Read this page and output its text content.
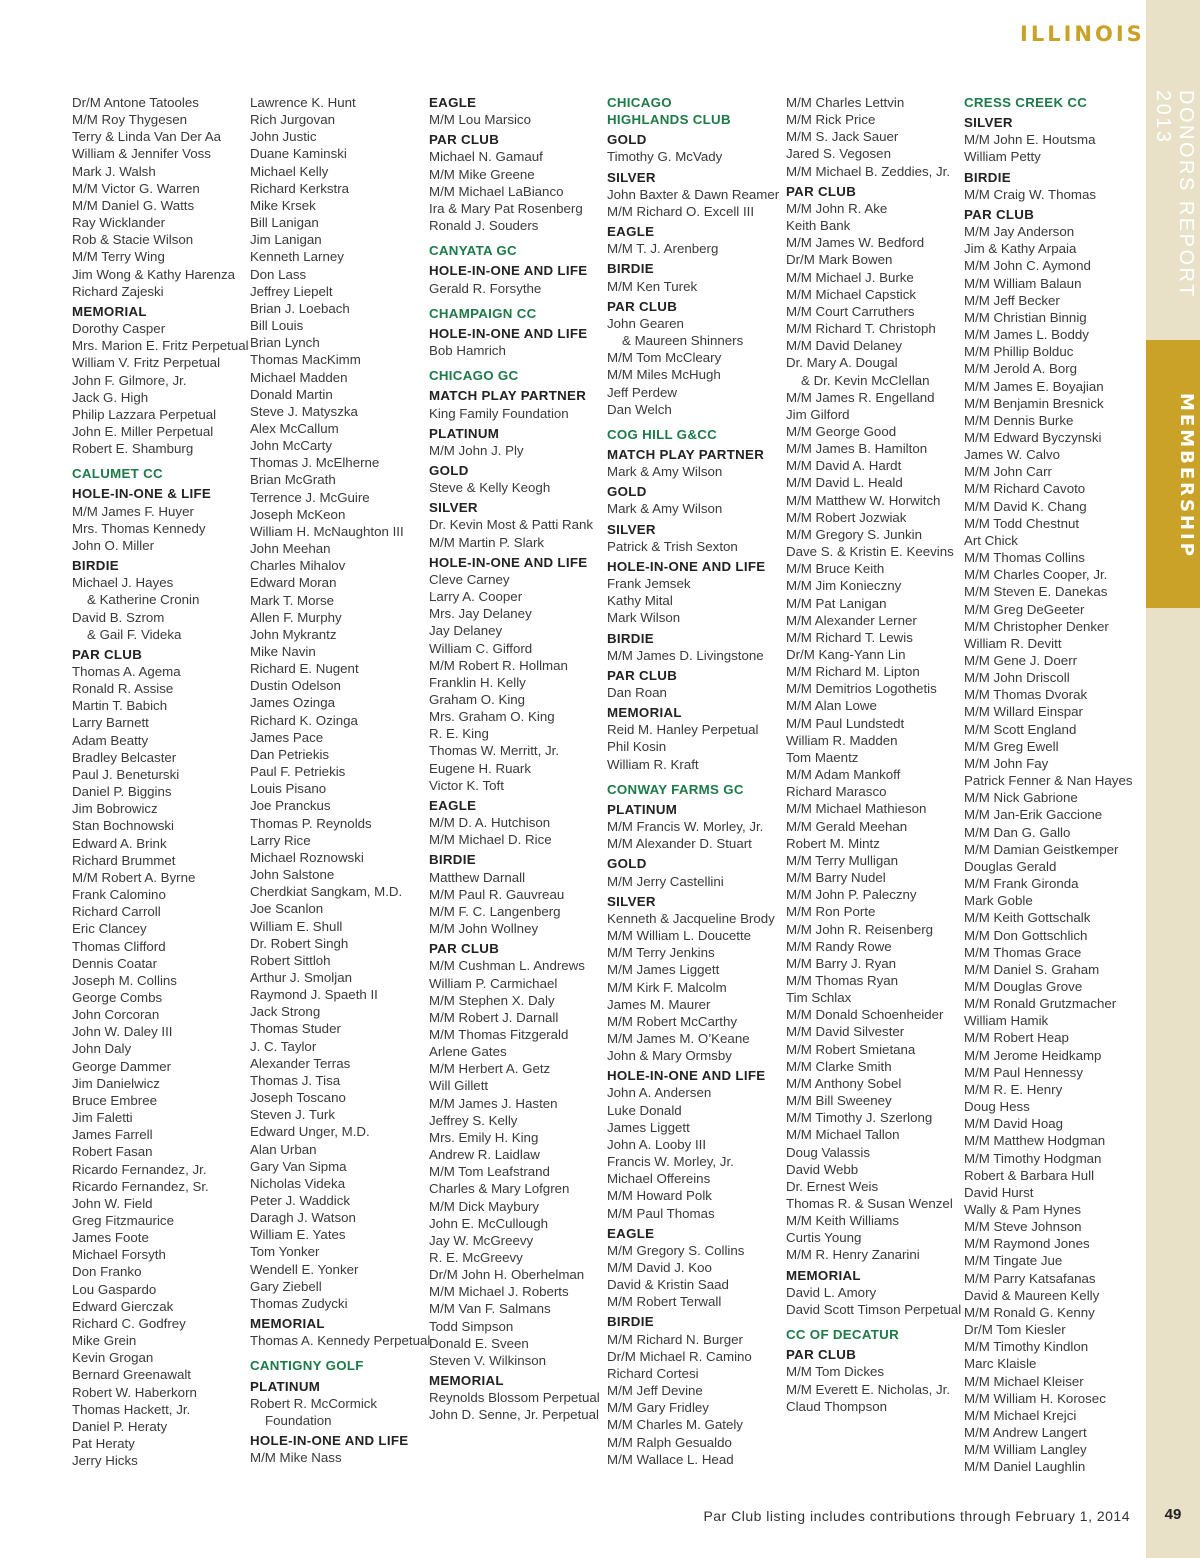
ILLINOIS
DONORS REPORT 2013
MEMBERSHIP
Dr/M Antone Tatooles
M/M Roy Thygesen
Terry & Linda Van Der Aa
William & Jennifer Voss
Mark J. Walsh
M/M Victor G. Warren
M/M Daniel G. Watts
Ray Wicklander
Rob & Stacie Wilson
M/M Terry Wing
Jim Wong & Kathy Harenza
Richard Zajeski
MEMORIAL
Dorothy Casper
Mrs. Marion E. Fritz Perpetual
William V. Fritz Perpetual
John F. Gilmore, Jr.
Jack G. High
Philip Lazzara Perpetual
John E. Miller Perpetual
Robert E. Shamburg
CALUMET CC
HOLE-IN-ONE & LIFE
M/M James F. Huyer
Mrs. Thomas Kennedy
John O. Miller
BIRDIE
Michael J. Hayes
& Katherine Cronin
David B. Szrom
& Gail F. Videka
PAR CLUB
Thomas A. Agema
Ronald R. Assise
Martin T. Babich
Larry Barnett
Adam Beatty
Bradley Belcaster
Paul J. Beneturski
Daniel P. Biggins
Jim Bobrowicz
Stan Bochnowski
Edward A. Brink
Richard Brummet
M/M Robert A. Byrne
Frank Calomino
Richard Carroll
Eric Clancey
Thomas Clifford
Dennis Coatar
Joseph M. Collins
George Combs
John Corcoran
John W. Daley III
John Daly
George Dammer
Jim Danielwicz
Bruce Embree
Jim Faletti
James Farrell
Robert Fasan
Ricardo Fernandez, Jr.
Ricardo Fernandez, Sr.
John W. Field
Greg Fitzmaurice
James Foote
Michael Forsyth
Don Franko
Lou Gaspardo
Edward Gierczak
Richard C. Godfrey
Mike Grein
Kevin Grogan
Bernard Greenawalt
Robert W. Haberkorn
Thomas Hackett, Jr.
Daniel P. Heraty
Pat Heraty
Jerry Hicks
Lawrence K. Hunt
Rich Jurgovan
John Justic
Duane Kaminski
Michael Kelly
Richard Kerkstra
Mike Krsek
Bill Lanigan
Jim Lanigan
Kenneth Larney
Don Lass
Jeffrey Liepelt
Brian J. Loebach
Bill Louis
Brian Lynch
Thomas MacKimm
Michael Madden
Donald Martin
Steve J. Matyszka
Alex McCallum
John McCarty
Thomas J. McElherne
Brian McGrath
Terrence J. McGuire
Joseph McKeon
William H. McNaughton III
John Meehan
Charles Mihalov
Edward Moran
Mark T. Morse
Allen F. Murphy
John Mykrantz
Mike Navin
Richard E. Nugent
Dustin Odelson
James Ozinga
Richard K. Ozinga
James Pace
Dan Petriekis
Paul F. Petriekis
Louis Pisano
Joe Pranckus
Thomas P. Reynolds
Larry Rice
Michael Roznowski
John Salstone
Cherdkiat Sangkam, M.D.
Joe Scanlon
William E. Shull
Dr. Robert Singh
Robert Sittloh
Arthur J. Smoljan
Raymond J. Spaeth II
Jack Strong
Thomas Studer
J. C. Taylor
Alexander Terras
Thomas J. Tisa
Joseph Toscano
Steven J. Turk
Edward Unger, M.D.
Alan Urban
Gary Van Sipma
Nicholas Videka
Peter J. Waddick
Daragh J. Watson
William E. Yates
Tom Yonker
Wendell E. Yonker
Gary Ziebell
Thomas Zudycki
MEMORIAL
Thomas A. Kennedy Perpetual
CANTIGNY GOLF
PLATINUM
Robert R. McCormick
Foundation
HOLE-IN-ONE AND LIFE
M/M Mike Nass
EAGLE
M/M Lou Marsico
PAR CLUB
Michael N. Gamauf
M/M Mike Greene
M/M Michael LaBianco
Ira & Mary Pat Rosenberg
Ronald J. Souders
CANYATA GC
HOLE-IN-ONE AND LIFE
Gerald R. Forsythe
CHAMPAIGN CC
HOLE-IN-ONE AND LIFE
Bob Hamrich
CHICAGO GC
MATCH PLAY PARTNER
King Family Foundation
PLATINUM
M/M John J. Ply
GOLD
Steve & Kelly Keogh
SILVER
Dr. Kevin Most & Patti Rank
M/M Martin P. Slark
HOLE-IN-ONE AND LIFE
Cleve Carney
Larry A. Cooper
Mrs. Jay Delaney
Jay Delaney
William C. Gifford
M/M Robert R. Hollman
Franklin H. Kelly
Graham O. King
Mrs. Graham O. King
R. E. King
Thomas W. Merritt, Jr.
Eugene H. Ruark
Victor K. Toft
EAGLE
M/M D. A. Hutchison
M/M Michael D. Rice
BIRDIE
Matthew Darnall
M/M Paul R. Gauvreau
M/M F. C. Langenberg
M/M John Wollney
PAR CLUB
M/M Cushman L. Andrews
William P. Carmichael
M/M Stephen X. Daly
M/M Robert J. Darnall
M/M Thomas Fitzgerald
Arlene Gates
M/M Herbert A. Getz
Will Gillett
M/M James J. Hasten
Jeffrey S. Kelly
Mrs. Emily H. King
Andrew R. Laidlaw
M/M Tom Leafstrand
Charles & Mary Lofgren
M/M Dick Maybury
John E. McCullough
Jay W. McGreevy
R. E. McGreevy
Dr/M John H. Oberhelman
M/M Michael J. Roberts
M/M Van F. Salmans
Todd Simpson
Donald E. Sveen
Steven V. Wilkinson
MEMORIAL
Reynolds Blossom Perpetual
John D. Senne, Jr. Perpetual
CHICAGO
HIGHLANDS CLUB
GOLD
Timothy G. McVady
SILVER
John Baxter & Dawn Reamer
M/M Richard O. Excell III
EAGLE
M/M T. J. Arenberg
BIRDIE
M/M Ken Turek
PAR CLUB
John Gearen
& Maureen Shinners
M/M Tom McCleary
M/M Miles McHugh
Jeff Perdew
Dan Welch
COG HILL G&CC
MATCH PLAY PARTNER
Mark & Amy Wilson
GOLD
Mark & Amy Wilson
SILVER
Patrick & Trish Sexton
HOLE-IN-ONE AND LIFE
Frank Jemsek
Kathy Mital
Mark Wilson
BIRDIE
M/M James D. Livingstone
PAR CLUB
Dan Roan
MEMORIAL
Reid M. Hanley Perpetual
Phil Kosin
William R. Kraft
CONWAY FARMS GC
PLATINUM
M/M Francis W. Morley, Jr.
M/M Alexander D. Stuart
GOLD
M/M Jerry Castellini
SILVER
Kenneth & Jacqueline Brody
M/M William L. Doucette
M/M Terry Jenkins
M/M James Liggett
M/M Kirk F. Malcolm
James M. Maurer
M/M Robert McCarthy
M/M James M. O’Keane
John & Mary Ormsby
HOLE-IN-ONE AND LIFE
John A. Andersen
Luke Donald
James Liggett
John A. Looby III
Francis W. Morley, Jr.
Michael Offereins
M/M Howard Polk
M/M Paul Thomas
EAGLE
M/M Gregory S. Collins
M/M David J. Koo
David & Kristin Saad
M/M Robert Terwall
BIRDIE
M/M Richard N. Burger
Dr/M Michael R. Camino
Richard Cortesi
M/M Jeff Devine
M/M Gary Fridley
M/M Charles M. Gately
M/M Ralph Gesualdo
M/M Wallace L. Head
M/M Charles Lettvin
M/M Rick Price
M/M S. Jack Sauer
Jared S. Vegosen
M/M Michael B. Zeddies, Jr.
PAR CLUB
M/M John R. Ake
Keith Bank
M/M James W. Bedford
Dr/M Mark Bowen
M/M Michael J. Burke
M/M Michael Capstick
M/M Court Carruthers
M/M Richard T. Christoph
M/M David Delaney
Dr. Mary A. Dougal
& Dr. Kevin McClellan
M/M James R. Engelland
Jim Gilford
M/M George Good
M/M James B. Hamilton
M/M David A. Hardt
M/M David L. Heald
M/M Matthew W. Horwitch
M/M Robert Jozwiak
M/M Gregory S. Junkin
Dave S. & Kristin E. Keevins
M/M Bruce Keith
M/M Jim Konieczny
M/M Pat Lanigan
M/M Alexander Lerner
M/M Richard T. Lewis
Dr/M Kang-Yann Lin
M/M Richard M. Lipton
M/M Demitrios Logothetis
M/M Alan Lowe
M/M Paul Lundstedt
William R. Madden
Tom Maentz
M/M Adam Mankoff
Richard Marasco
M/M Michael Mathieson
M/M Gerald Meehan
Robert M. Mintz
M/M Terry Mulligan
M/M Barry Nudel
M/M John P. Paleczny
M/M Ron Porte
M/M John R. Reisenberg
M/M Randy Rowe
M/M Barry J. Ryan
M/M Thomas Ryan
Tim Schlax
M/M Donald Schoenheider
M/M David Silvester
M/M Robert Smietana
M/M Clarke Smith
M/M Anthony Sobel
M/M Bill Sweeney
M/M Timothy J. Szerlong
M/M Michael Tallon
Doug Valassis
David Webb
Dr. Ernest Weis
Thomas R. & Susan Wenzel
M/M Keith Williams
Curtis Young
M/M R. Henry Zanarini
MEMORIAL
David L. Amory
David Scott Timson Perpetual
CC OF DECATUR
PAR CLUB
M/M Tom Dickes
M/M Everett E. Nicholas, Jr.
Claud Thompson
CRESS CREEK CC
SILVER
M/M John E. Houtsma
William Petty
BIRDIE
M/M Craig W. Thomas
PAR CLUB
M/M Jay Anderson
Jim & Kathy Arpaia
M/M John C. Aymond
M/M William Balaun
M/M Jeff Becker
M/M Christian Binnig
M/M James L. Boddy
M/M Phillip Bolduc
M/M Jerold A. Borg
M/M James E. Boyajian
M/M Benjamin Bresnick
M/M Dennis Burke
M/M Edward Byczynski
James W. Calvo
M/M John Carr
M/M Richard Cavoto
M/M David K. Chang
M/M Todd Chestnut
Art Chick
M/M Thomas Collins
M/M Charles Cooper, Jr.
M/M Steven E. Danekas
M/M Greg DeGeeter
M/M Christopher Denker
William R. Devitt
M/M Gene J. Doerr
M/M John Driscoll
M/M Thomas Dvorak
M/M Willard Einspar
M/M Scott England
M/M Greg Ewell
M/M John Fay
Patrick Fenner & Nan Hayes
M/M Nick Gabrione
M/M Jan-Erik Gaccione
M/M Dan G. Gallo
M/M Damian Geistkemper
Douglas Gerald
M/M Frank Gironda
Mark Goble
M/M Keith Gottschalk
M/M Don Gottschlich
M/M Thomas Grace
M/M Daniel S. Graham
M/M Douglas Grove
M/M Ronald Grutzmacher
William Hamik
M/M Robert Heap
M/M Jerome Heidkamp
M/M Paul Hennessy
M/M R. E. Henry
Doug Hess
M/M David Hoag
M/M Matthew Hodgman
M/M Timothy Hodgman
Robert & Barbara Hull
David Hurst
Wally & Pam Hynes
M/M Steve Johnson
M/M Raymond Jones
M/M Tingate Jue
M/M Parry Katsafanas
David & Maureen Kelly
M/M Ronald G. Kenny
Dr/M Tom Kiesler
M/M Timothy Kindlon
Marc Klaisle
M/M Michael Kleiser
M/M William H. Korosec
M/M Michael Krejci
M/M Andrew Langert
M/M William Langley
M/M Daniel Laughlin
Par Club listing includes contributions through February 1, 2014	49
